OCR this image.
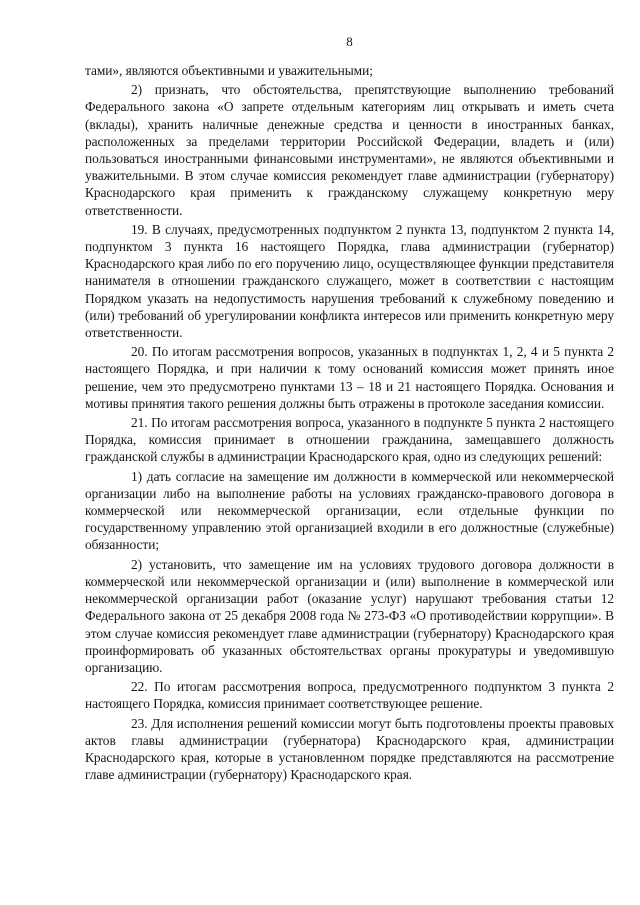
8

тами», являются объективными и уважительными;

2) признать, что обстоятельства, препятствующие выполнению требований Федерального закона «О запрете отдельным категориям лиц открывать и иметь счета (вклады), хранить наличные денежные средства и ценности в иностранных банках, расположенных за пределами территории Российской Федерации, владеть и (или) пользоваться иностранными финансовыми инструментами», не являются объективными и уважительными. В этом случае комиссия рекомендует главе администрации (губернатору) Краснодарского края применить к гражданскому служащему конкретную меру ответственности.

19. В случаях, предусмотренных подпунктом 2 пункта 13, подпунктом 2 пункта 14, подпунктом 3 пункта 16 настоящего Порядка, глава администрации (губернатор) Краснодарского края либо по его поручению лицо, осуществляющее функции представителя нанимателя в отношении гражданского служащего, может в соответствии с настоящим Порядком указать на недопустимость нарушения требований к служебному поведению и (или) требований об урегулировании конфликта интересов или применить конкретную меру ответственности.

20. По итогам рассмотрения вопросов, указанных в подпунктах 1, 2, 4 и 5 пункта 2 настоящего Порядка, и при наличии к тому оснований комиссия может принять иное решение, чем это предусмотрено пунктами 13 – 18 и 21 настоящего Порядка. Основания и мотивы принятия такого решения должны быть отражены в протоколе заседания комиссии.

21. По итогам рассмотрения вопроса, указанного в подпункте 5 пункта 2 настоящего Порядка, комиссия принимает в отношении гражданина, замещавшего должность гражданской службы в администрации Краснодарского края, одно из следующих решений:

1) дать согласие на замещение им должности в коммерческой или некоммерческой организации либо на выполнение работы на условиях гражданско-правового договора в коммерческой или некоммерческой организации, если отдельные функции по государственному управлению этой организацией входили в его должностные (служебные) обязанности;

2) установить, что замещение им на условиях трудового договора должности в коммерческой или некоммерческой организации и (или) выполнение в коммерческой или некоммерческой организации работ (оказание услуг) нарушают требования статьи 12 Федерального закона от 25 декабря 2008 года № 273-ФЗ «О противодействии коррупции». В этом случае комиссия рекомендует главе администрации (губернатору) Краснодарского края проинформировать об указанных обстоятельствах органы прокуратуры и уведомившую организацию.

22. По итогам рассмотрения вопроса, предусмотренного подпунктом 3 пункта 2 настоящего Порядка, комиссия принимает соответствующее решение.

23. Для исполнения решений комиссии могут быть подготовлены проекты правовых актов главы администрации (губернатора) Краснодарского края, администрации Краснодарского края, которые в установленном порядке представляются на рассмотрение главе администрации (губернатору) Краснодарского края.
